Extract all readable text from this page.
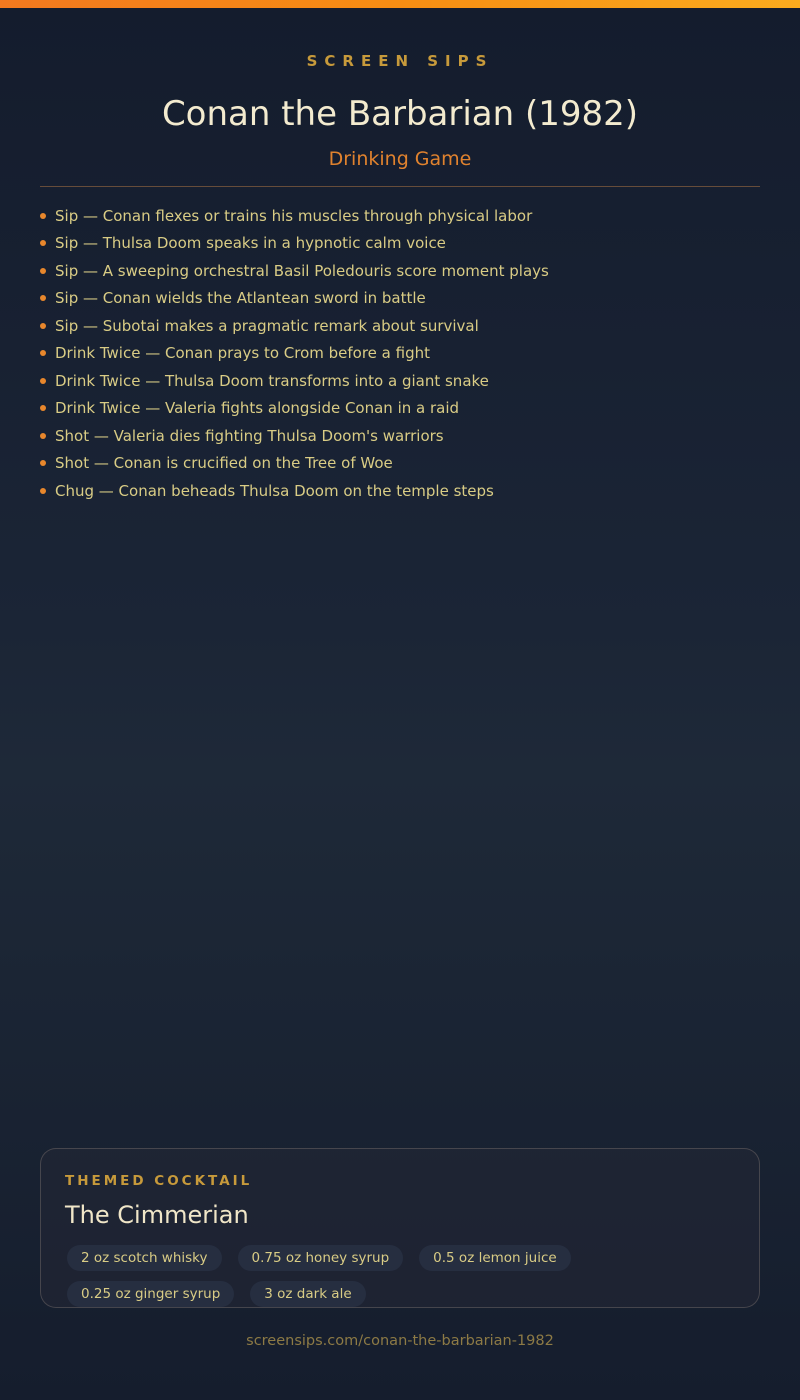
SCREEN SIPS
Conan the Barbarian (1982)
Drinking Game
Sip — Conan flexes or trains his muscles through physical labor
Sip — Thulsa Doom speaks in a hypnotic calm voice
Sip — A sweeping orchestral Basil Poledouris score moment plays
Sip — Conan wields the Atlantean sword in battle
Sip — Subotai makes a pragmatic remark about survival
Drink Twice — Conan prays to Crom before a fight
Drink Twice — Thulsa Doom transforms into a giant snake
Drink Twice — Valeria fights alongside Conan in a raid
Shot — Valeria dies fighting Thulsa Doom's warriors
Shot — Conan is crucified on the Tree of Woe
Chug — Conan beheads Thulsa Doom on the temple steps
THEMED COCKTAIL
The Cimmerian
2 oz scotch whisky	0.75 oz honey syrup	0.5 oz lemon juice
0.25 oz ginger syrup	3 oz dark ale
screensips.com/conan-the-barbarian-1982
